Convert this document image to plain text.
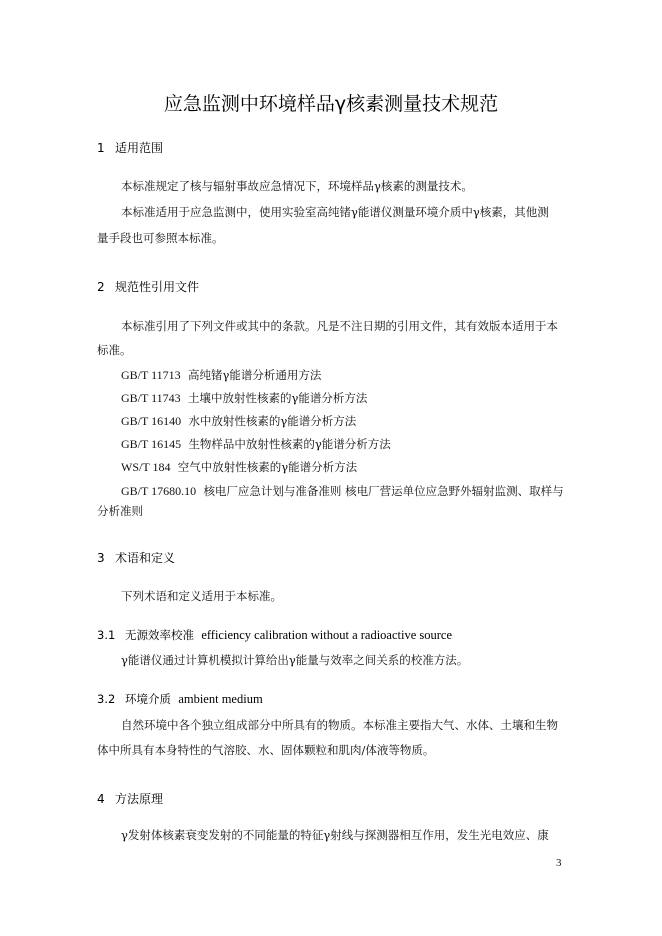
应急监测中环境样品γ核素测量技术规范
1 适用范围
本标准规定了核与辐射事故应急情况下，环境样品γ核素的测量技术。
本标准适用于应急监测中，使用实验室高纯锗γ能谱仪测量环境介质中γ核素，其他测
量手段也可参照本标准。
2 规范性引用文件
本标准引用了下列文件或其中的条款。凡是不注日期的引用文件，其有效版本适用于本
标准。
GB/T 11713 高纯锗γ能谱分析通用方法
GB/T 11743 土壤中放射性核素的γ能谱分析方法
GB/T 16140 水中放射性核素的γ能谱分析方法
GB/T 16145 生物样品中放射性核素的γ能谱分析方法
WS/T 184 空气中放射性核素的γ能谱分析方法
GB/T 17680.10 核电厂应急计划与准备准则 核电厂营运单位应急野外辐射监测、取样与
分析准则
3 术语和定义
下列术语和定义适用于本标准。
3.1 无源效率校准 efficiency calibration without a radioactive source
γ能谱仪通过计算机模拟计算给出γ能量与效率之间关系的校准方法。
3.2 环境介质 ambient medium
自然环境中各个独立组成部分中所具有的物质。本标准主要指大气、水体、土壤和生物
体中所具有本身特性的气溶胶、水、固体颗粒和肌肉/体液等物质。
4 方法原理
γ发射体核素衰变发射的不同能量的特征γ射线与探测器相互作用，发生光电效应、康
3
